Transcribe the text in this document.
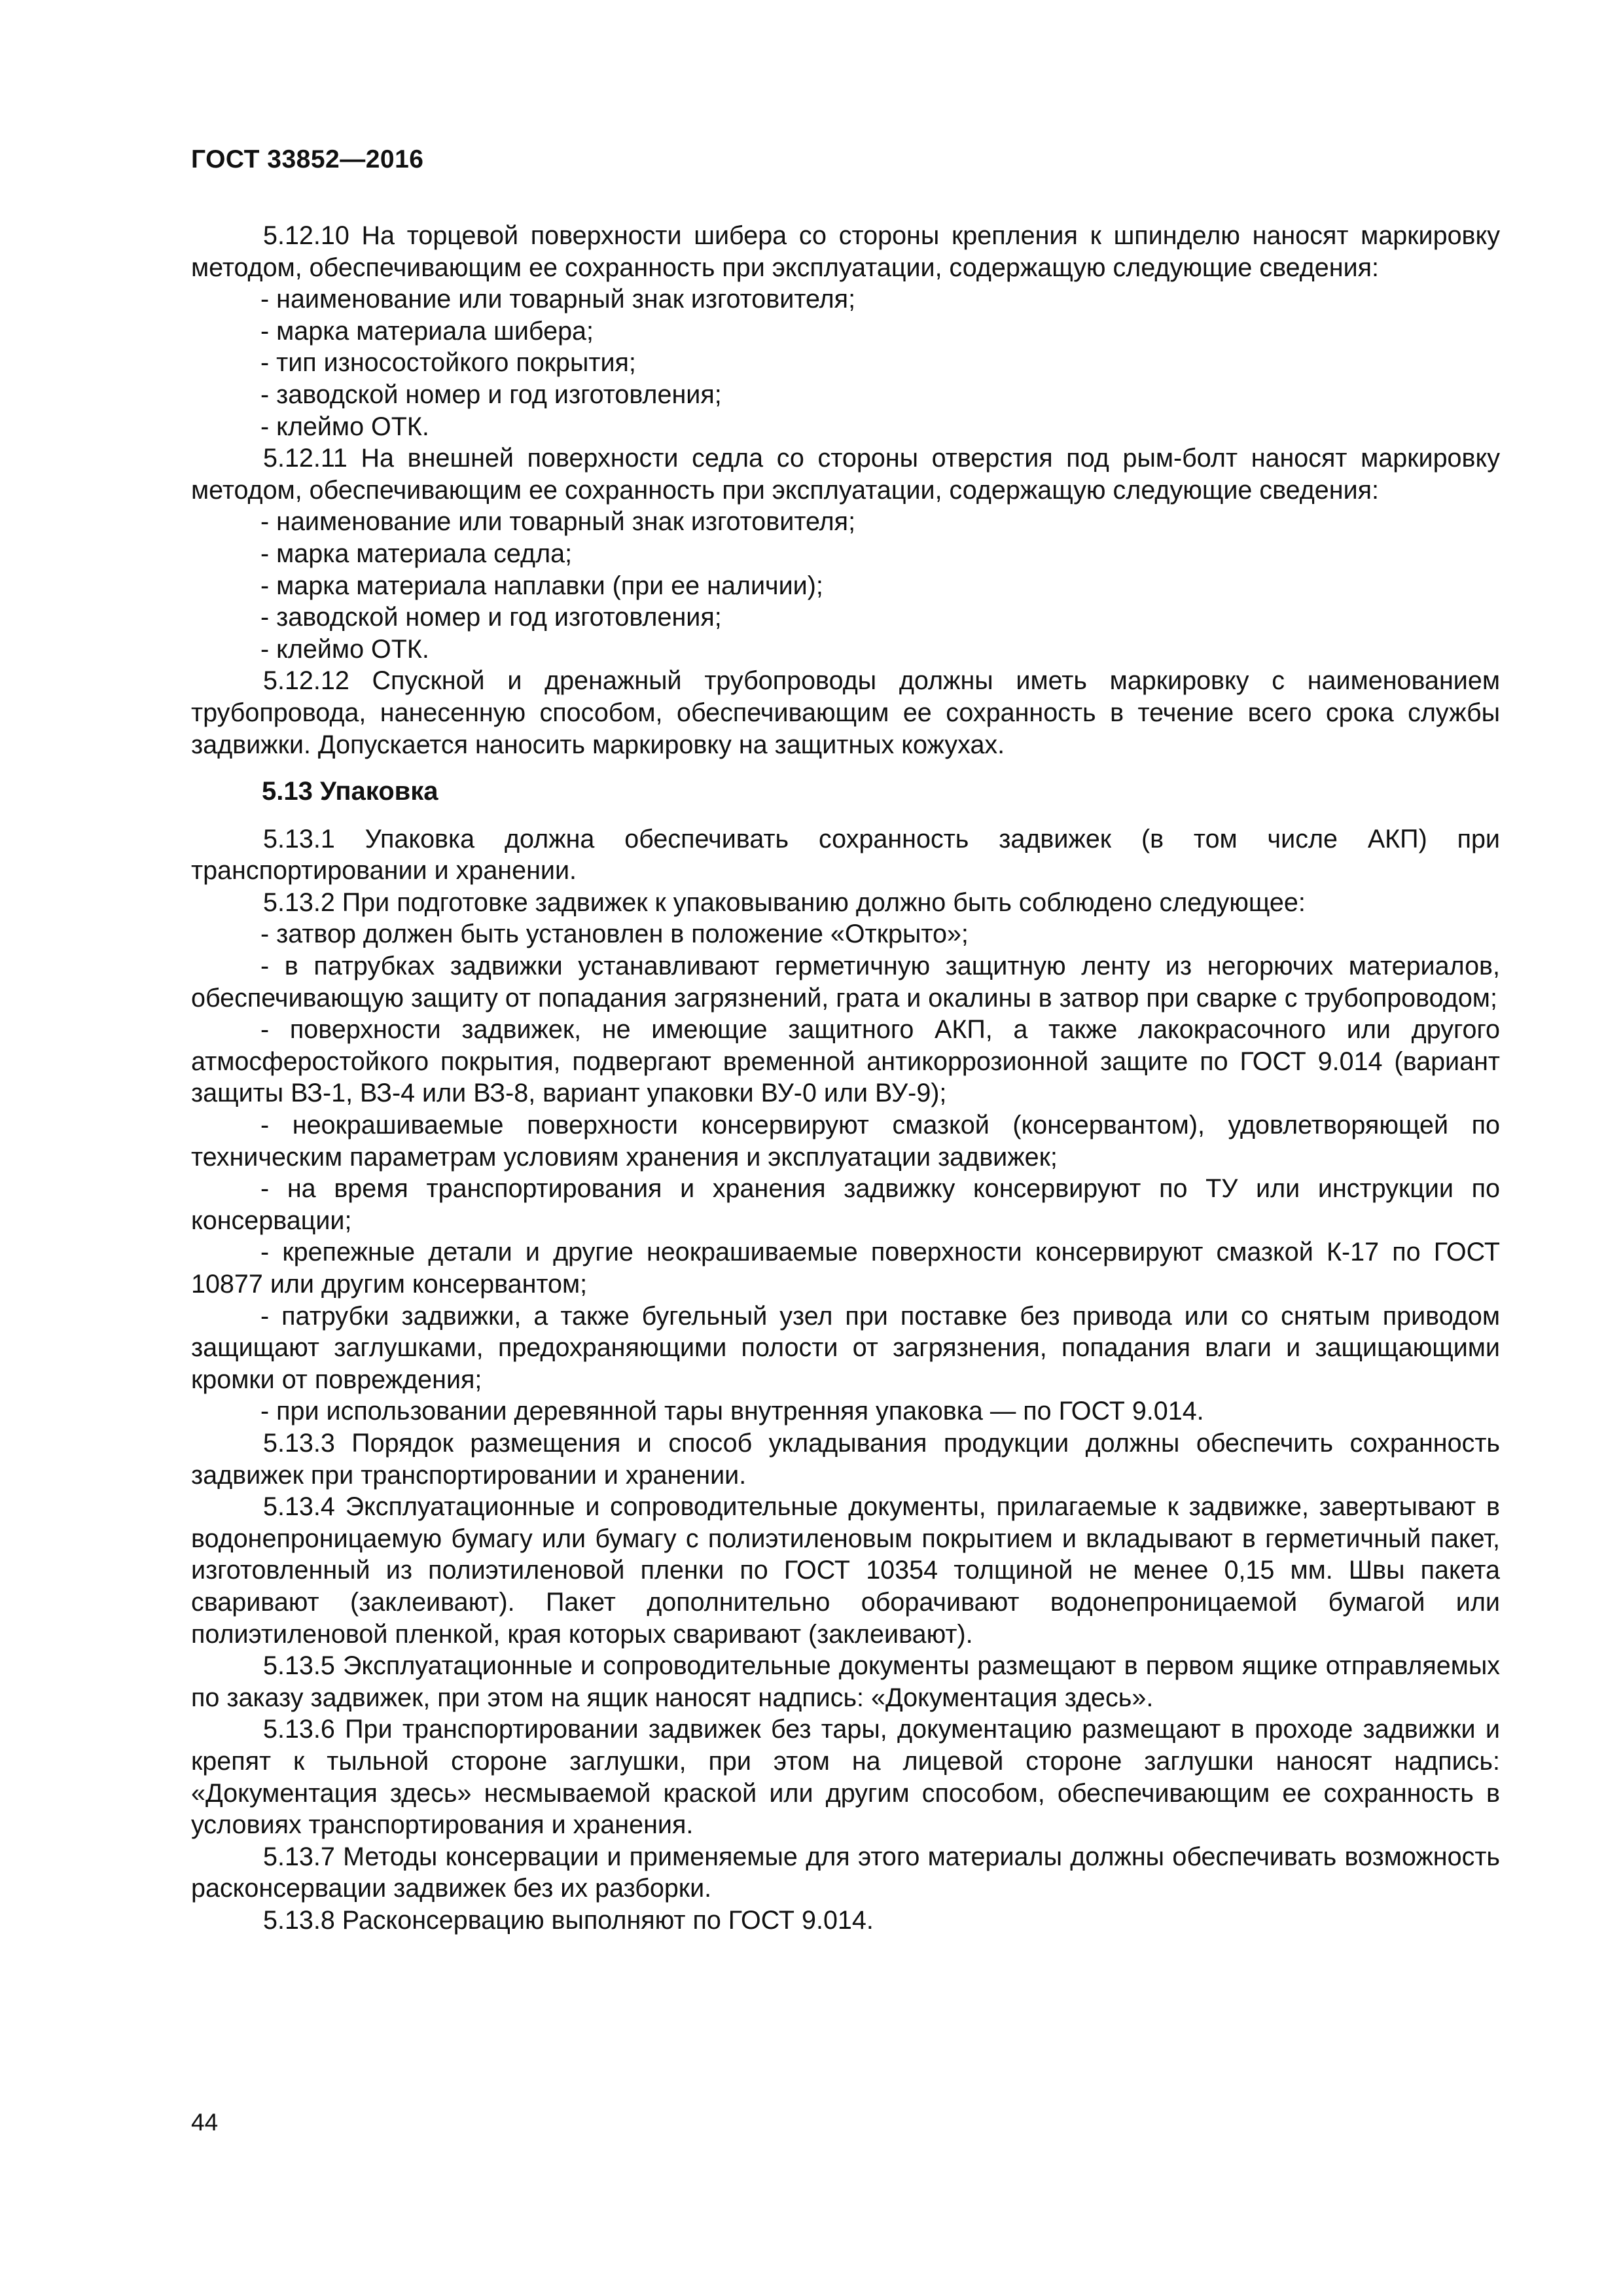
ГОСТ 33852—2016

5.12.10 На торцевой поверхности шибера со стороны крепления к шпинделю наносят маркировку методом, обеспечивающим ее сохранность при эксплуатации, содержащую следующие сведения:

- наименование или товарный знак изготовителя;

- марка материала шибера;

- тип износостойкого покрытия;

- заводской номер и год изготовления;

- клеймо ОТК.

5.12.11 На внешней поверхности седла со стороны отверстия под рым-болт наносят маркировку методом, обеспечивающим ее сохранность при эксплуатации, содержащую следующие сведения:

- наименование или товарный знак изготовителя;

- марка материала седла;

- марка материала наплавки (при ее наличии);

- заводской номер и год изготовления;

- клеймо ОТК.

5.12.12 Спускной и дренажный трубопроводы должны иметь маркировку с наименованием трубопровода, нанесенную способом, обеспечивающим ее сохранность в течение всего срока службы задвижки. Допускается наносить маркировку на защитных кожухах.

5.13 Упаковка

5.13.1 Упаковка должна обеспечивать сохранность задвижек (в том числе АКП) при транспортировании и хранении.

5.13.2 При подготовке задвижек к упаковыванию должно быть соблюдено следующее:

- затвор должен быть установлен в положение «Открыто»;

- в патрубках задвижки устанавливают герметичную защитную ленту из негорючих материалов, обеспечивающую защиту от попадания загрязнений, грата и окалины в затвор при сварке с трубопроводом;

- поверхности задвижек, не имеющие защитного АКП, а также лакокрасочного или другого атмосферостойкого покрытия, подвергают временной антикоррозионной защите по ГОСТ 9.014 (вариант защиты ВЗ-1, ВЗ-4 или ВЗ-8, вариант упаковки ВУ-0 или ВУ-9);

- неокрашиваемые поверхности консервируют смазкой (консервантом), удовлетворяющей по техническим параметрам условиям хранения и эксплуатации задвижек;

- на время транспортирования и хранения задвижку консервируют по ТУ или инструкции по консервации;

- крепежные детали и другие неокрашиваемые поверхности консервируют смазкой К-17 по ГОСТ 10877 или другим консервантом;

- патрубки задвижки, а также бугельный узел при поставке без привода или со снятым приводом защищают заглушками, предохраняющими полости от загрязнения, попадания влаги и защищающими кромки от повреждения;

- при использовании деревянной тары внутренняя упаковка — по ГОСТ 9.014.

5.13.3 Порядок размещения и способ укладывания продукции должны обеспечить сохранность задвижек при транспортировании и хранении.

5.13.4 Эксплуатационные и сопроводительные документы, прилагаемые к задвижке, завертывают в водонепроницаемую бумагу или бумагу с полиэтиленовым покрытием и вкладывают в герметичный пакет, изготовленный из полиэтиленовой пленки по ГОСТ 10354 толщиной не менее 0,15 мм. Швы пакета сваривают (заклеивают). Пакет дополнительно оборачивают водонепроницаемой бумагой или полиэтиленовой пленкой, края которых сваривают (заклеивают).

5.13.5 Эксплуатационные и сопроводительные документы размещают в первом ящике отправляемых по заказу задвижек, при этом на ящик наносят надпись: «Документация здесь».

5.13.6 При транспортировании задвижек без тары, документацию размещают в проходе задвижки и крепят к тыльной стороне заглушки, при этом на лицевой стороне заглушки наносят надпись: «Документация здесь» несмываемой краской или другим способом, обеспечивающим ее сохранность в условиях транспортирования и хранения.

5.13.7 Методы консервации и применяемые для этого материалы должны обеспечивать возможность расконсервации задвижек без их разборки.

5.13.8 Расконсервацию выполняют по ГОСТ 9.014.

44
